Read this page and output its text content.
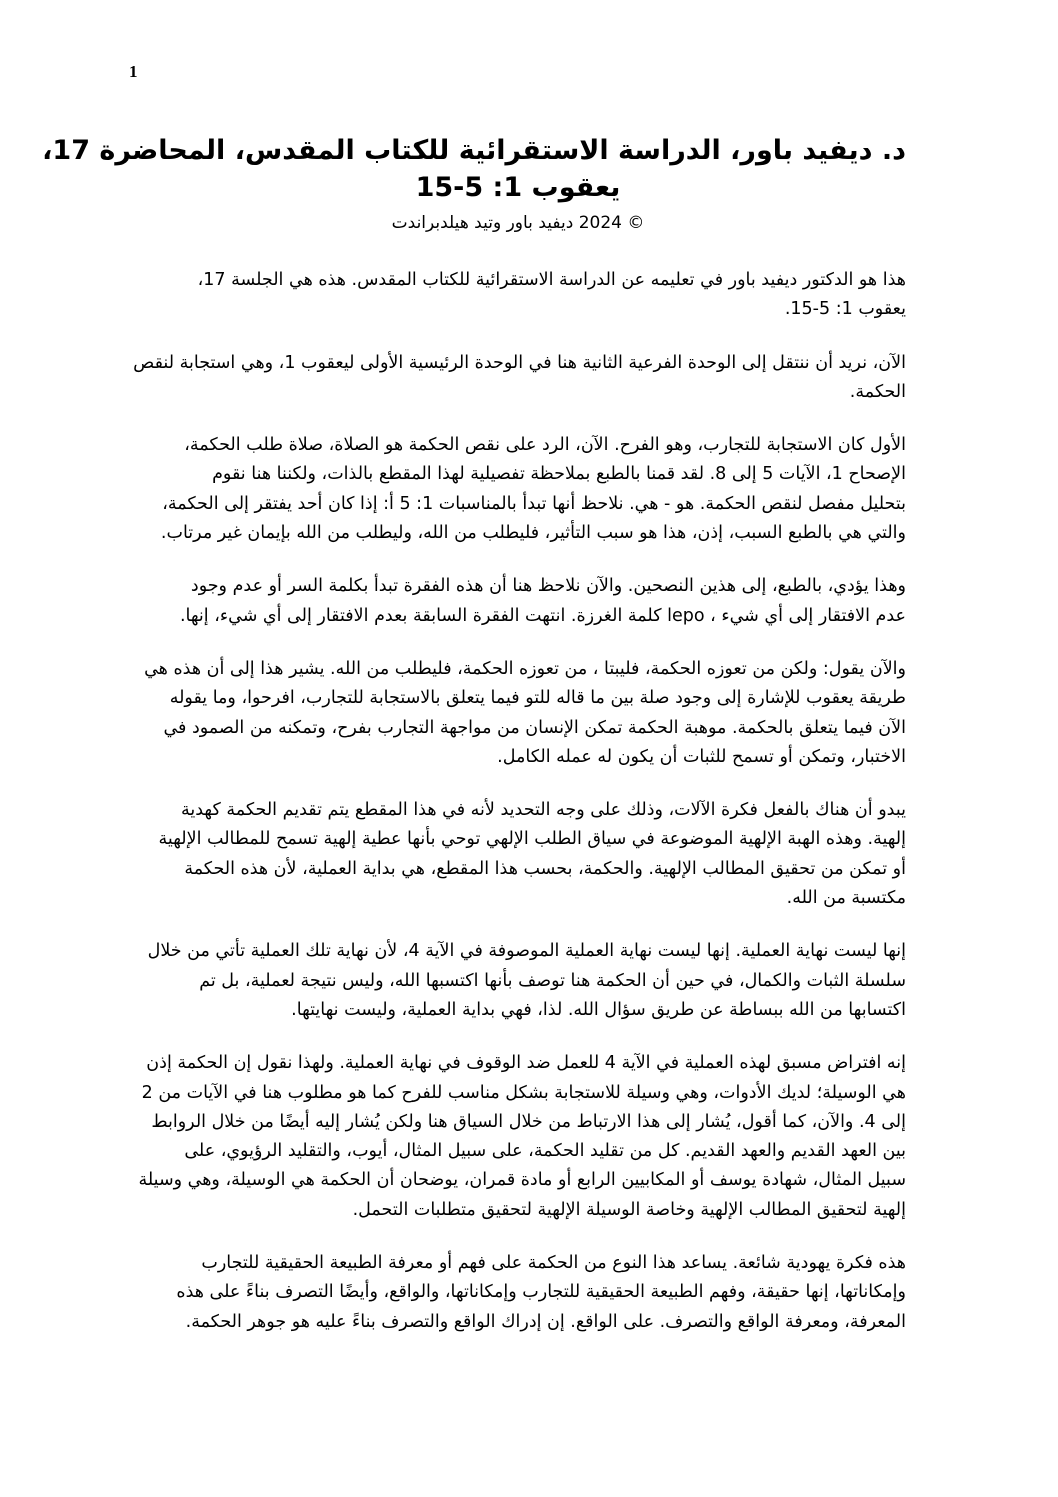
1
د. ديفيد باور، الدراسة الاستقرائية للكتاب المقدس، المحاضرة 17،
يعقوب 1: 5-15
© 2024 ديفيد باور وتيد هيلدبراندت
هذا هو الدكتور ديفيد باور في تعليمه عن الدراسة الاستقرائية للكتاب المقدس. هذه هي الجلسة 17،
يعقوب 1: 5-15.
الآن، نريد أن ننتقل إلى الوحدة الفرعية الثانية هنا في الوحدة الرئيسية الأولى ليعقوب 1، وهي استجابة لنقص
الحكمة.
الأول كان الاستجابة للتجارب، وهو الفرح. الآن، الرد على نقص الحكمة هو الصلاة، صلاة طلب الحكمة،
الإصحاح 1، الآيات 5 إلى 8. لقد قمنا بالطبع بملاحظة تفصيلية لهذا المقطع بالذات، ولكننا هنا نقوم
بتحليل مفصل لنقص الحكمة. هو - هي. نلاحظ أنها تبدأ بالمناسبات 1: 5 أ: إذا كان أحد يفتقر إلى الحكمة،
والتي هي بالطبع السبب، إذن، هذا هو سبب التأثير، فليطلب من الله، وليطلب من الله بإيمان غير مرتاب.
وهذا يؤدي، بالطبع، إلى هذين النصحين. والآن نلاحظ هنا أن هذه الفقرة تبدأ بكلمة السر أو عدم وجود
عدم الافتقار إلى أي شيء ، lepo كلمة الغرزة. انتهت الفقرة السابقة بعدم الافتقار إلى أي شيء، إنها.
والآن يقول: ولكن من تعوزه الحكمة، فليبتا ، من تعوزه الحكمة، فليطلب من الله. يشير هذا إلى أن هذه هي
طريقة يعقوب للإشارة إلى وجود صلة بين ما قاله للتو فيما يتعلق بالاستجابة للتجارب، افرحوا، وما يقوله
الآن فيما يتعلق بالحكمة. موهبة الحكمة تمكن الإنسان من مواجهة التجارب بفرح، وتمكنه من الصمود في
الاختبار، وتمكن أو تسمح للثبات أن يكون له عمله الكامل.
يبدو أن هناك بالفعل فكرة الآلات، وذلك على وجه التحديد لأنه في هذا المقطع يتم تقديم الحكمة كهدية
إلهية. وهذه الهبة الإلهية الموضوعة في سياق الطلب الإلهي توحي بأنها عطية إلهية تسمح للمطالب الإلهية
أو تمكن من تحقيق المطالب الإلهية. والحكمة، بحسب هذا المقطع، هي بداية العملية، لأن هذه الحكمة
مكتسبة من الله.
إنها ليست نهاية العملية. إنها ليست نهاية العملية الموصوفة في الآية 4، لأن نهاية تلك العملية تأتي من خلال
سلسلة الثبات والكمال، في حين أن الحكمة هنا توصف بأنها اكتسبها الله، وليس نتيجة لعملية، بل تم
اكتسابها من الله ببساطة عن طريق سؤال الله. لذا، فهي بداية العملية، وليست نهايتها.
إنه افتراض مسبق لهذه العملية في الآية 4 للعمل ضد الوقوف في نهاية العملية. ولهذا نقول إن الحكمة إذن
هي الوسيلة؛ لديك الأدوات، وهي وسيلة للاستجابة بشكل مناسب للفرح كما هو مطلوب هنا في الآيات من 2
إلى 4. والآن، كما أقول، يُشار إلى هذا الارتباط من خلال السياق هنا ولكن يُشار إليه أيضًا من خلال الروابط
بين العهد القديم والعهد القديم. كل من تقليد الحكمة، على سبيل المثال، أيوب، والتقليد الرؤيوي، على
سبيل المثال، شهادة يوسف أو المكابيين الرابع أو مادة قمران، يوضحان أن الحكمة هي الوسيلة، وهي وسيلة
إلهية لتحقيق المطالب الإلهية وخاصة الوسيلة الإلهية لتحقيق متطلبات التحمل.
هذه فكرة يهودية شائعة. يساعد هذا النوع من الحكمة على فهم أو معرفة الطبيعة الحقيقية للتجارب
وإمكاناتها، إنها حقيقة، وفهم الطبيعة الحقيقية للتجارب وإمكاناتها، والواقع، وأيضًا التصرف بناءً على هذه
المعرفة، ومعرفة الواقع والتصرف. على الواقع. إن إدراك الواقع والتصرف بناءً عليه هو جوهر الحكمة.
